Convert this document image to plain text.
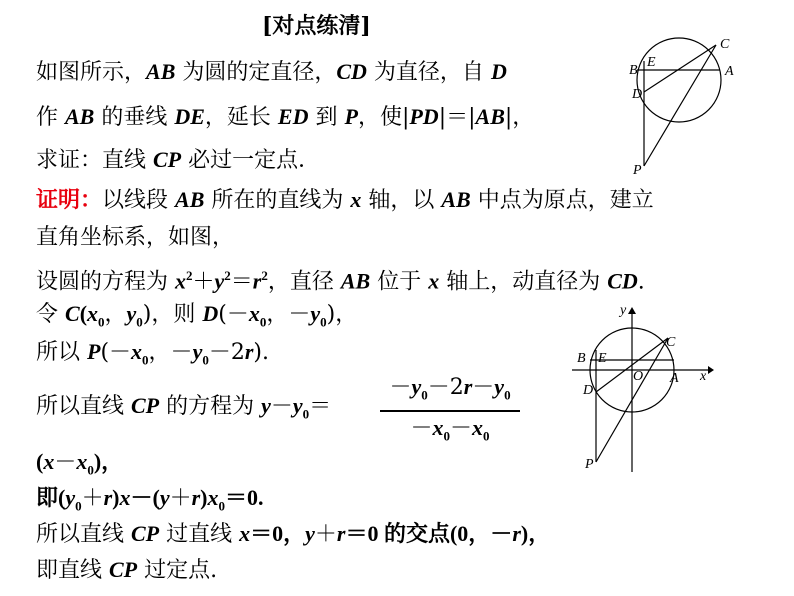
[对点练清]
如图所示，AB 为圆的定直径，CD 为直径，自 D
作 AB 的垂线 DE，延长 ED 到 P，使|PD|＝|AB|，
求证：直线 CP 必过一定点．
证明：以线段 AB 所在的直线为 x 轴，以 AB 中点为原点，建立
直角坐标系，如图，
设圆的方程为 $x^2+y^2=r^2$，直径 AB 位于 x 轴上，动直径为 CD.
令 $C(x_0$，$y_0$)，则 $D(-x_0$，$-y_0$)，
所以 $P(-x_0$，$-y_0-2r$).
所以直线 CP 的方程为 $y-y_0= \frac{-y_0-2r-y_0}{-x_0-x_0}$
$(x-x_0)$，
即$(y_0+r)x-(y+r)x_0=0$.
所以直线 CP 过直线 x＝0，y＋r＝0 的交点(0，－r)，
即直线 CP 过定点.
B
E
C
A
D
P
y
B E
C
O A x
D
P
